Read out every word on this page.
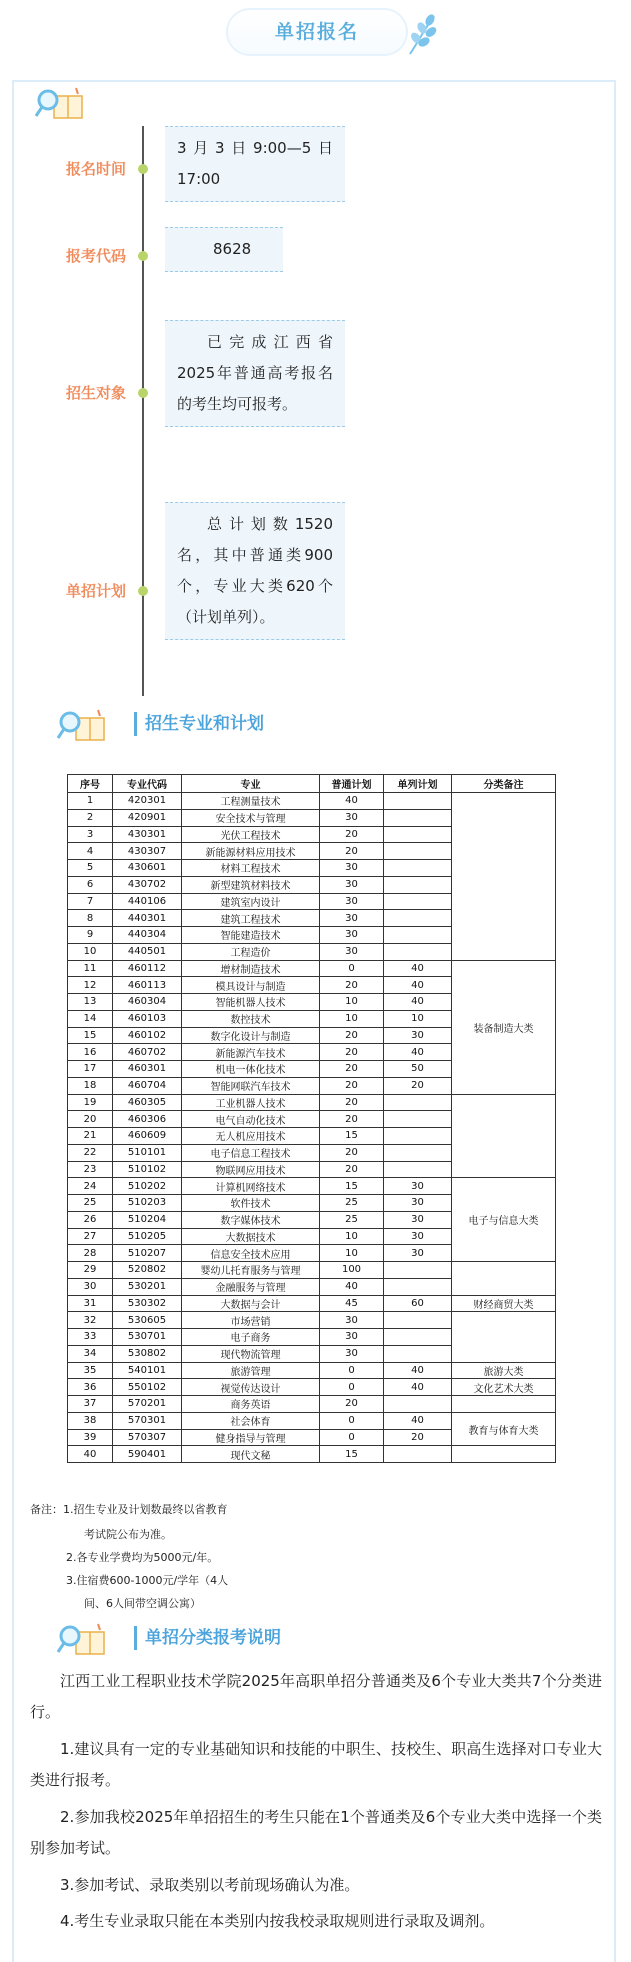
单招报名
报名时间
3月3日9:00—5日17:00
报考代码	8628
招生对象
已完成江西省2025年普通高考报名的考生均可报考。
单招计划
总计划数1520名，其中普通类900个，专业大类620个（计划单列）。
招生专业和计划
序号	专业代码	专业	普通计划	单列计划	分类备注
1	420301	工程测量技术	40		
2	420901	安全技术与管理	30		
3	430301	光伏工程技术	20		
4	430307	新能源材料应用技术	20		
5	430601	材料工程技术	30		
6	430702	新型建筑材料技术	30		
7	440106	建筑室内设计	30		
8	440301	建筑工程技术	30		
9	440304	智能建造技术	30		
10	440501	工程造价	30		
11	460112	增材制造技术	0	40	装备制造大类
12	460113	模具设计与制造	20	40	
13	460304	智能机器人技术	10	40	
14	460103	数控技术	10	10	
15	460102	数字化设计与制造	20	30	
16	460702	新能源汽车技术	20	40	
17	460301	机电一体化技术	20	50	
18	460704	智能网联汽车技术	20	20	
19	460305	工业机器人技术	20		
20	460306	电气自动化技术	20		
21	460609	无人机应用技术	15		
22	510101	电子信息工程技术	20		
23	510102	物联网应用技术	20		
24	510202	计算机网络技术	15	30	电子与信息大类
25	510203	软件技术	25	30	
26	510204	数字媒体技术	25	30	
27	510205	大数据技术	10	30	
28	510207	信息安全技术应用	10	30	
29	520802	婴幼儿托育服务与管理	100		
30	530201	金融服务与管理	40		
31	530302	大数据与会计	45	60	财经商贸大类
32	530605	市场营销	30		
33	530701	电子商务	30		
34	530802	现代物流管理	30		
35	540101	旅游管理	0	40	旅游大类
36	550102	视觉传达设计	0	40	文化艺术大类
37	570201	商务英语	20		
38	570301	社会体育	0	40	教育与体育大类
39	570307	健身指导与管理	0	20	
40	590401	现代文秘	15		
备注：1.招生专业及计划数最终以省教育
考试院公布为准。
2.各专业学费均为5000元/年。
3.住宿费600-1000元/学年（4人
间、6人间带空调公寓）
单招分类报考说明
江西工业工程职业技术学院2025年高职单招分普通类及6个专业大类共7个分类进行。
1.建议具有一定的专业基础知识和技能的中职生、技校生、职高生选择对口专业大类进行报考。
2.参加我校2025年单招招生的考生只能在1个普通类及6个专业大类中选择一个类别参加考试。
3.参加考试、录取类别以考前现场确认为准。
4.考生专业录取只能在本类别内按我校录取规则进行录取及调剂。
